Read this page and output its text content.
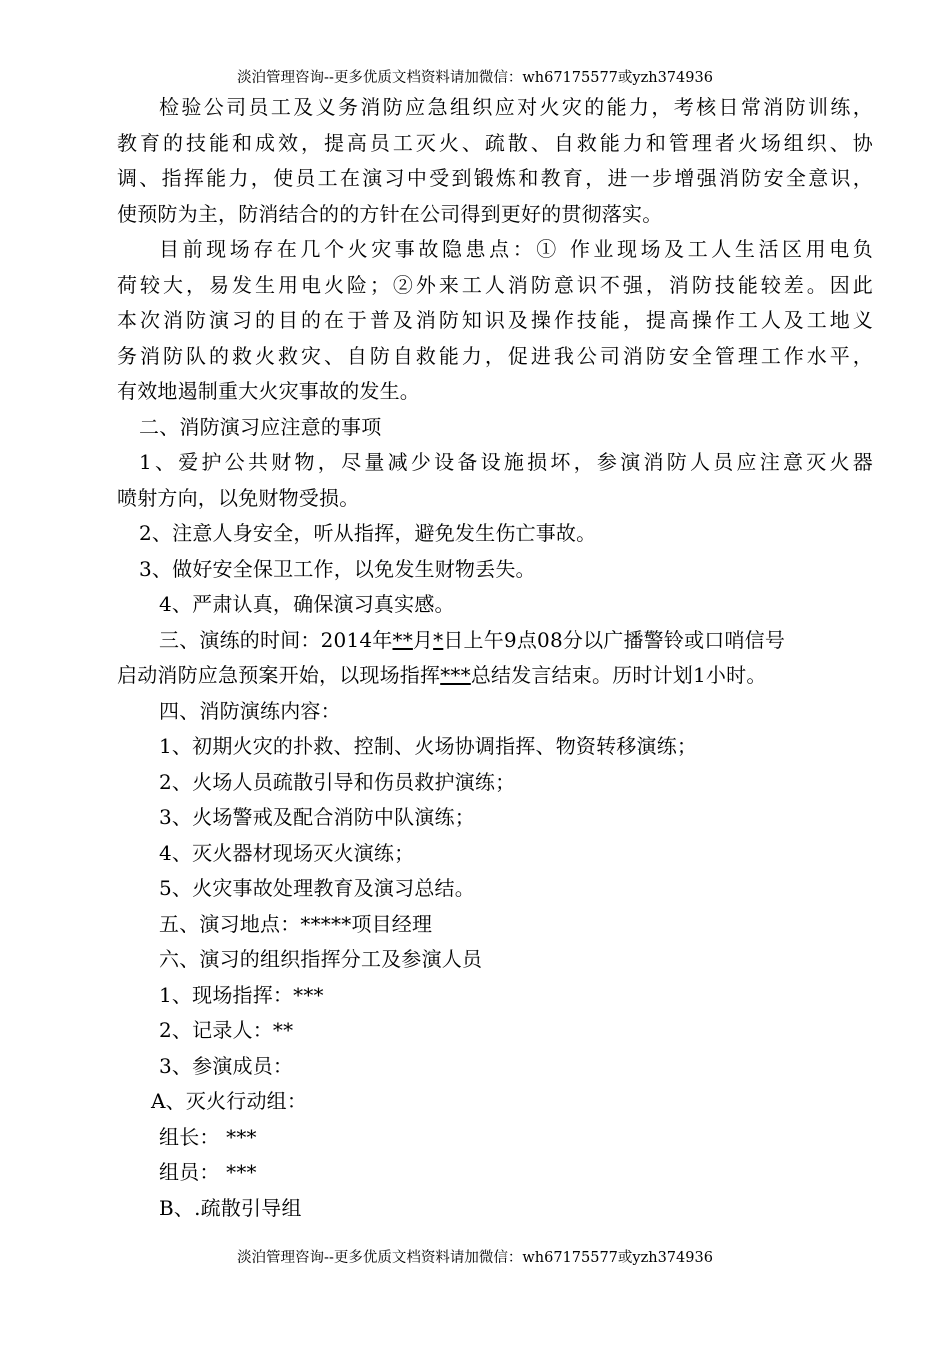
淡泊管理咨询--更多优质文档资料请加微信：wh67175577或yzh374936
检验公司员工及义务消防应急组织应对火灾的能力，考核日常消防训练，
教育的技能和成效，提高员工灭火、疏散、自救能力和管理者火场组织、协
调、指挥能力，使员工在演习中受到锻炼和教育，进一步增强消防安全意识，
使预防为主，防消结合的的方针在公司得到更好的贯彻落实。
目前现场存在几个火灾事故隐患点：① 作业现场及工人生活区用电负
荷较大，易发生用电火险；②外来工人消防意识不强，消防技能较差。因此
本次消防演习的目的在于普及消防知识及操作技能，提高操作工人及工地义
务消防队的救火救灾、自防自救能力，促进我公司消防安全管理工作水平，
有效地遏制重大火灾事故的发生。
二、消防演习应注意的事项
1、爱护公共财物，尽量减少设备设施损坏，参演消防人员应注意灭火器
喷射方向，以免财物受损。
2、注意人身安全，听从指挥，避免发生伤亡事故。
3、做好安全保卫工作，以免发生财物丢失。
4、严肃认真，确保演习真实感。
三、演练的时间：2014年**月*日上午9点08分以广播警铃或口哨信号
启动消防应急预案开始，以现场指挥***总结发言结束。历时计划1小时。
四、消防演练内容：
1、初期火灾的扑救、控制、火场协调指挥、物资转移演练；
2、火场人员疏散引导和伤员救护演练；
3、火场警戒及配合消防中队演练；
4、灭火器材现场灭火演练；
5、火灾事故处理教育及演习总结。
五、演习地点：*****项目经理
六、演习的组织指挥分工及参演人员
1、现场指挥：***
2、记录人：**
3、参演成员：
A、灭火行动组：
组长： ***
组员： ***
B、.疏散引导组
淡泊管理咨询--更多优质文档资料请加微信：wh67175577或yzh374936
